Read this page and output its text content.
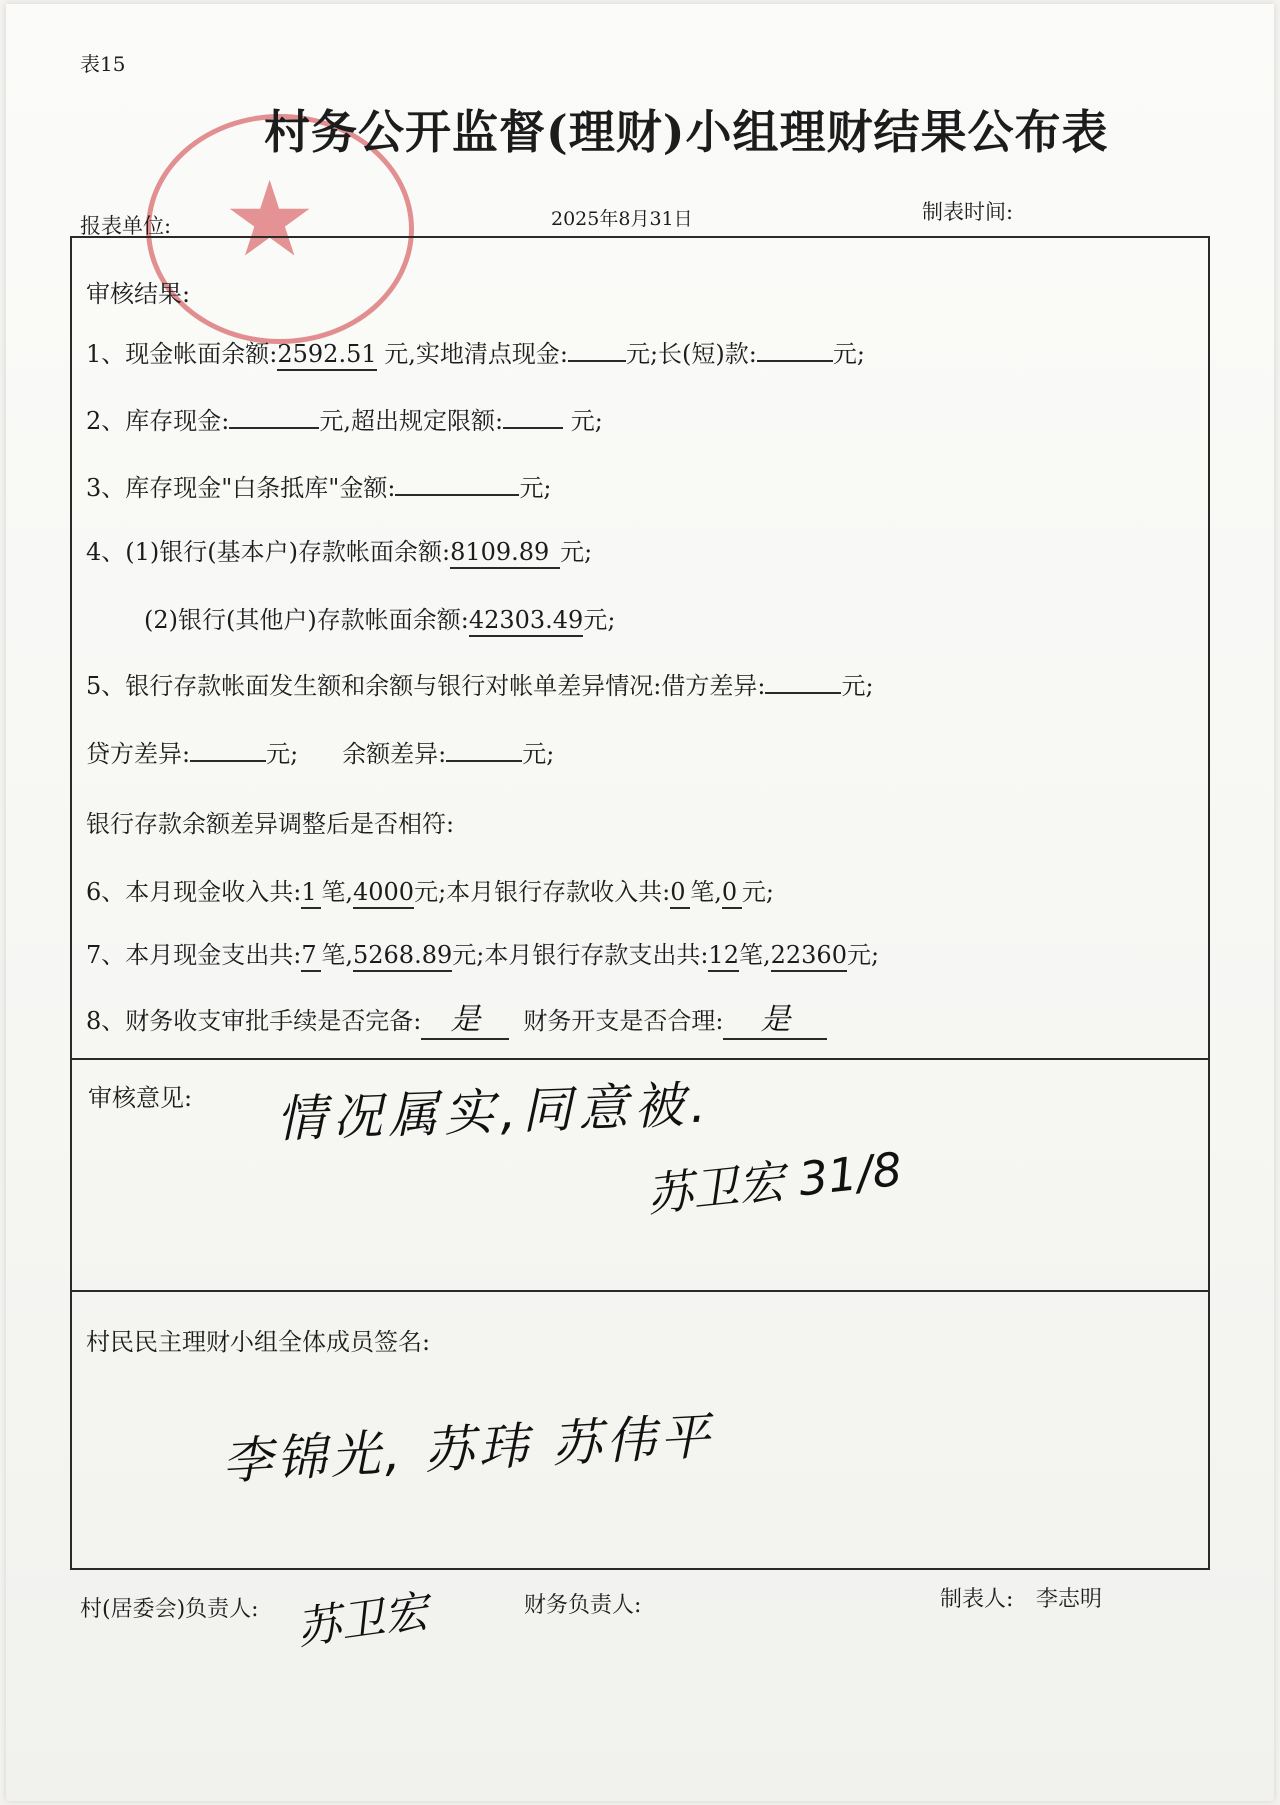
★
表15
村务公开监督(理财)小组理财结果公布表
报表单位:	2025年8月31日	制表时间:
审核结果:
1、现金帐面余额:2592.51 元,实地清点现金: 元;长(短)款:	元;
2、库存现金:	元,超出规定限额:	元;
3、库存现金"白条抵库"金额:	元;
4、(1)银行(基本户)存款帐面余额:8109.89 元;
(2)银行(其他户)存款帐面余额:42303.49元;
5、银行存款帐面发生额和余额与银行对帐单差异情况:借方差异:	元;
贷方差异:	元; 余额差异:	元;
银行存款余额差异调整后是否相符:
6、本月现金收入共:1 笔,4000元;本月银行存款收入共:0 笔,0 元;
7、本月现金支出共:7 笔,5268.89元;本月银行存款支出共:12笔,22360元;
8、财务收支审批手续是否完备: 是 财务开支是否合理: 是
审核意见: 情况属实,同意被.
苏卫宏 31/8
村民民主理财小组全体成员签名:
李锦光, 苏玮 苏伟平
村(居委会)负责人: 苏卫宏	财务负责人:	制表人: 李志明
